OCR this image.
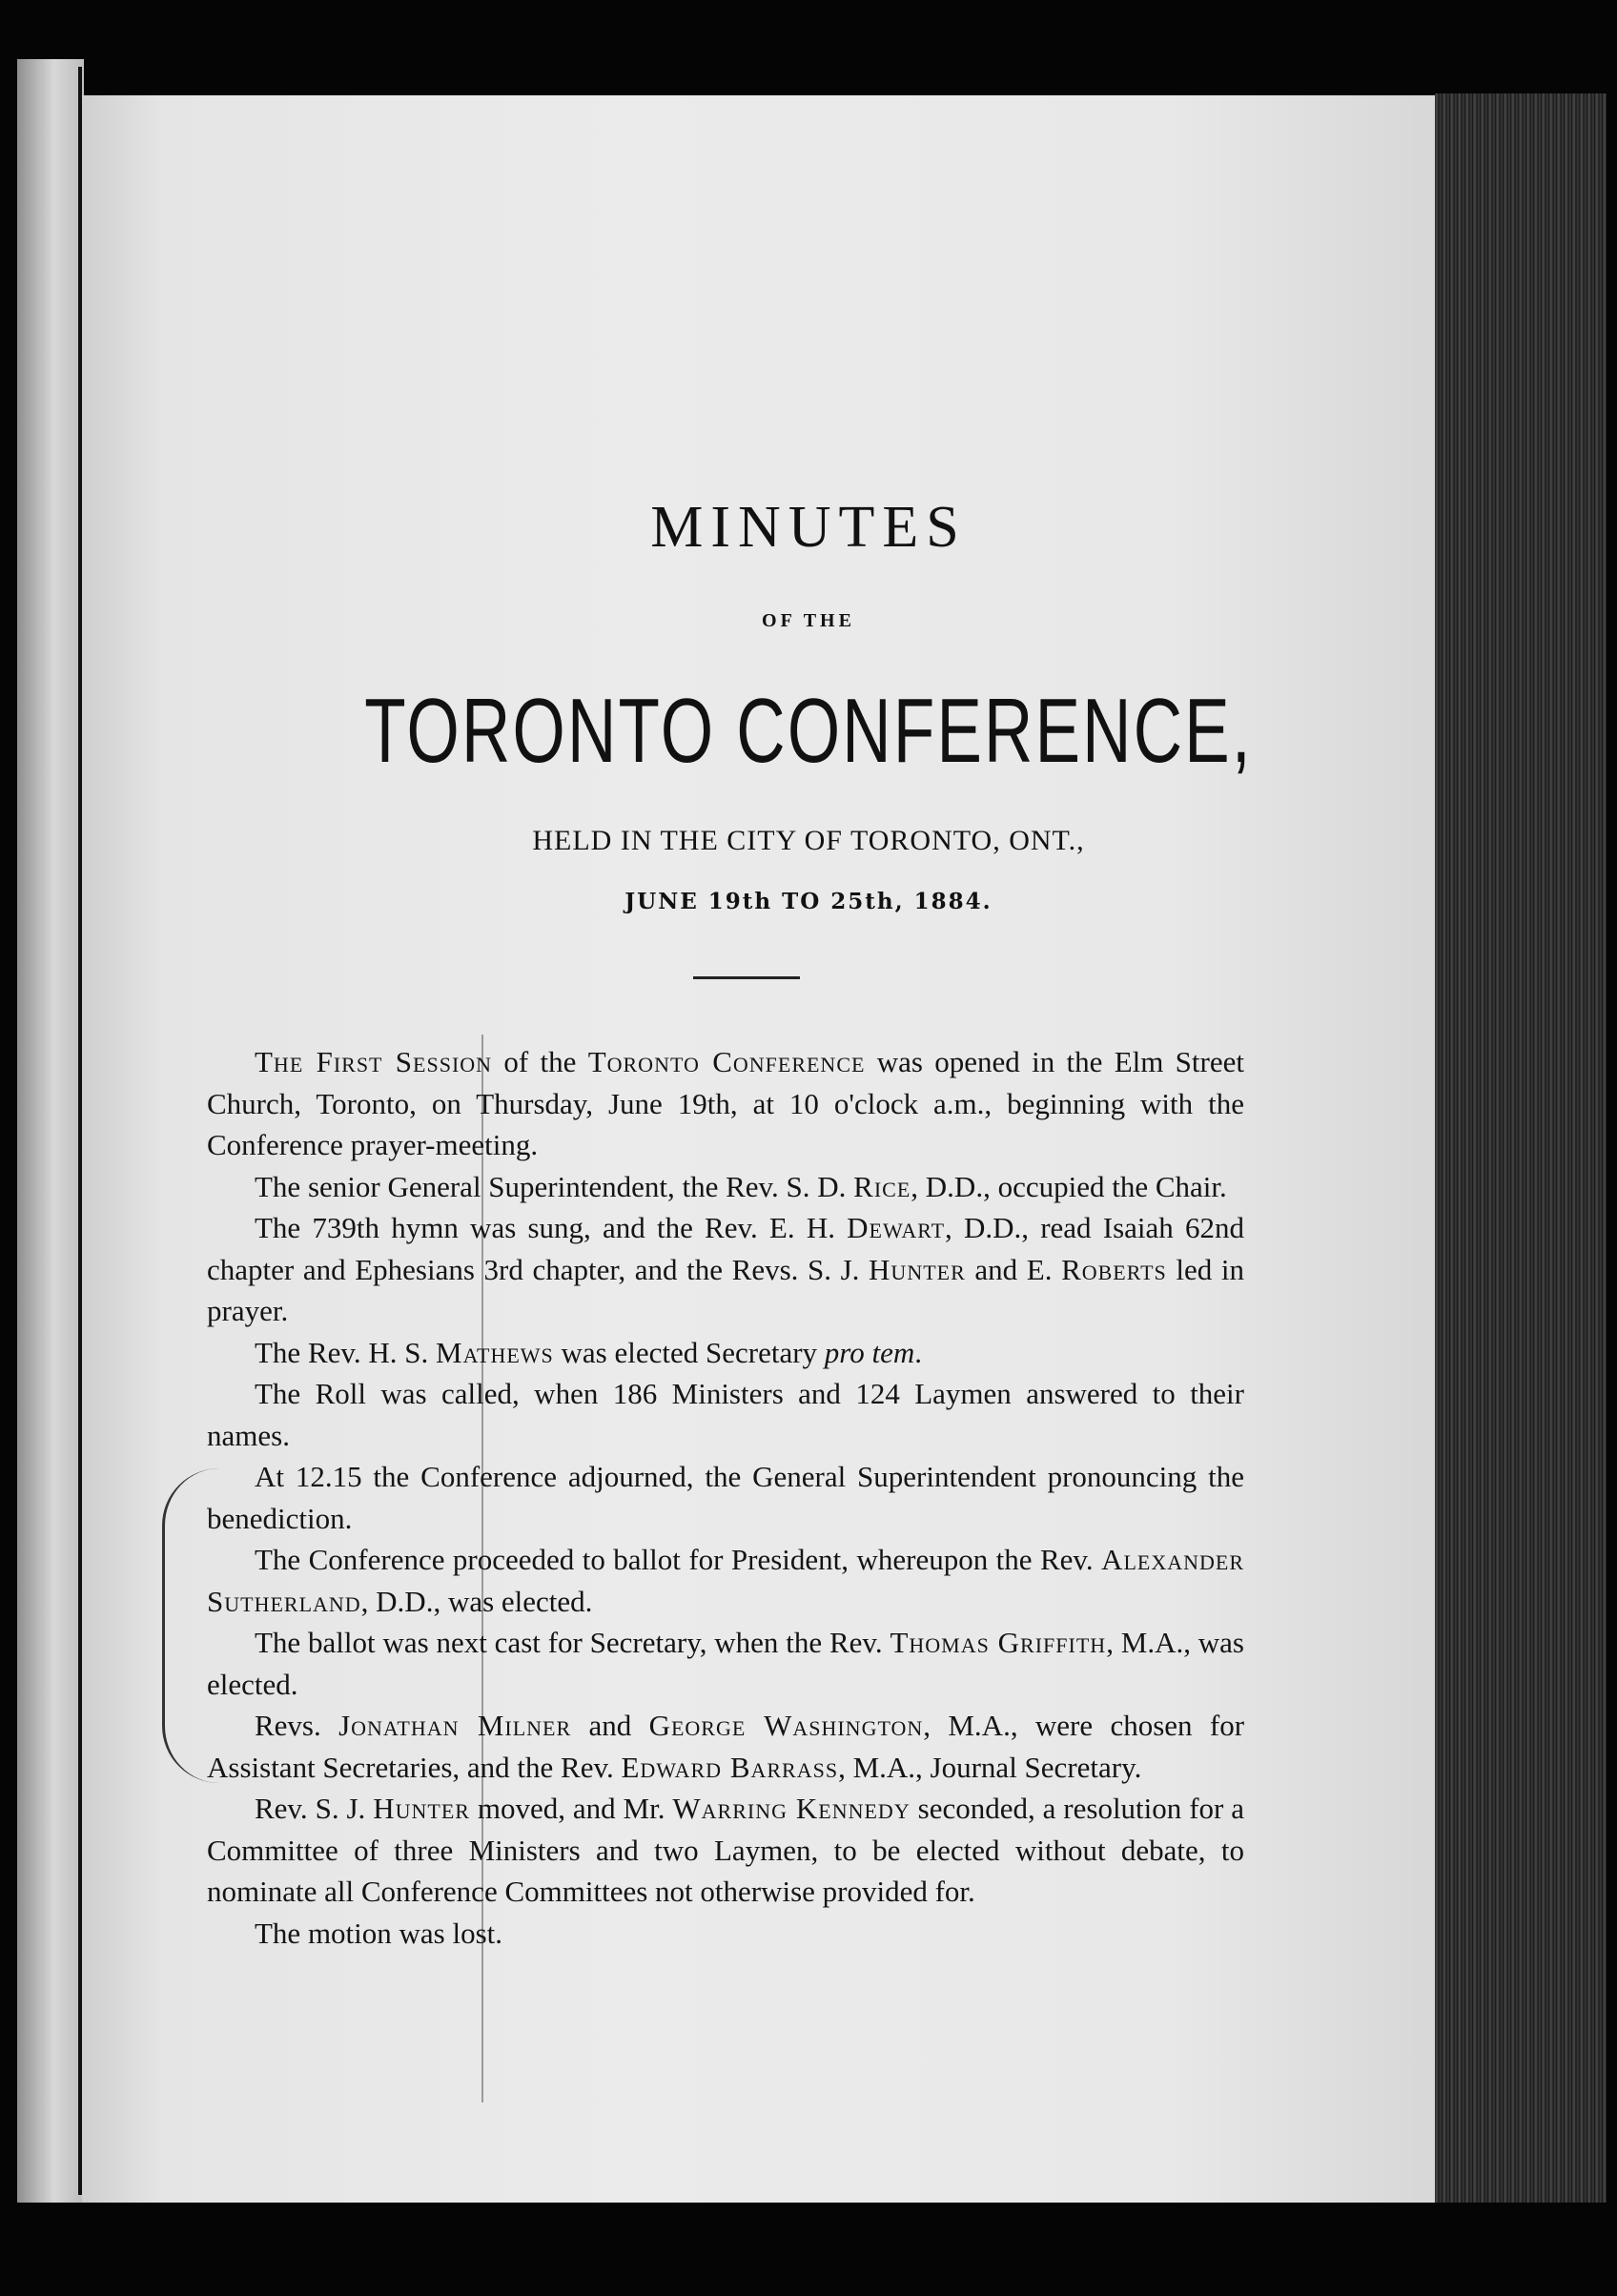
MINUTES
OF THE
TORONTO CONFERENCE,
HELD IN THE CITY OF TORONTO, ONT.,
JUNE 19th TO 25th, 1884.

The First Session of the Toronto Conference was opened in the Elm Street Church, Toronto, on Thursday, June 19th, at 10 o'clock a.m., beginning with the Conference prayer-meeting.

The senior General Superintendent, the Rev. S. D. Rice, D.D., occupied the Chair.

The 739th hymn was sung, and the Rev. E. H. Dewart, D.D., read Isaiah 62nd chapter and Ephesians 3rd chapter, and the Revs. S. J. Hunter and E. Roberts led in prayer.

The Rev. H. S. Mathews was elected Secretary pro tem.

The Roll was called, when 186 Ministers and 124 Laymen answered to their names.

At 12.15 the Conference adjourned, the General Superintendent pronouncing the benediction.

The Conference proceeded to ballot for President, whereupon the Rev. Alexander Sutherland, D.D., was elected.

The ballot was next cast for Secretary, when the Rev. Thomas Griffith, M.A., was elected.

Revs. Jonathan Milner and George Washington, M.A., were chosen for Assistant Secretaries, and the Rev. Edward Barrass, M.A., Journal Secretary.

Rev. S. J. Hunter moved, and Mr. Warring Kennedy seconded, a resolution for a Committee of three Ministers and two Laymen, to be elected without debate, to nominate all Conference Committees not otherwise provided for.

The motion was lost.
